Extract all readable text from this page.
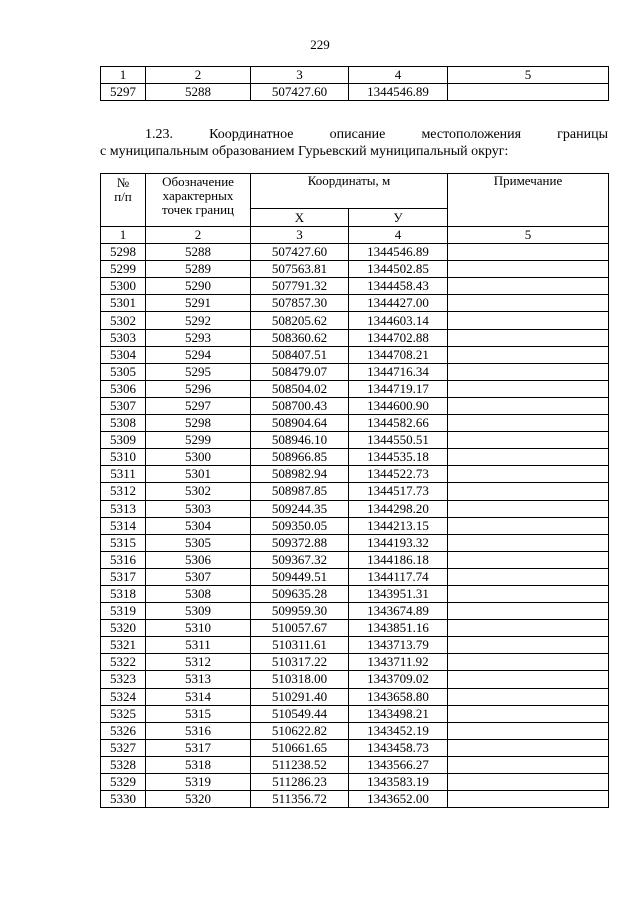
229
1	2	3	4	5
5297	5288	507427.60	1344546.89	
1.23.	Координатное	описание	местоположения	границы
с муниципальным образованием Гурьевский муниципальный округ:
№ п/п	Обозначение характерных точек границ	Координаты, м		Примечание
		X	У	
1	2	3	4	5
5298	5288	507427.60	1344546.89	
5299	5289	507563.81	1344502.85	
5300	5290	507791.32	1344458.43	
5301	5291	507857.30	1344427.00	
5302	5292	508205.62	1344603.14	
5303	5293	508360.62	1344702.88	
5304	5294	508407.51	1344708.21	
5305	5295	508479.07	1344716.34	
5306	5296	508504.02	1344719.17	
5307	5297	508700.43	1344600.90	
5308	5298	508904.64	1344582.66	
5309	5299	508946.10	1344550.51	
5310	5300	508966.85	1344535.18	
5311	5301	508982.94	1344522.73	
5312	5302	508987.85	1344517.73	
5313	5303	509244.35	1344298.20	
5314	5304	509350.05	1344213.15	
5315	5305	509372.88	1344193.32	
5316	5306	509367.32	1344186.18	
5317	5307	509449.51	1344117.74	
5318	5308	509635.28	1343951.31	
5319	5309	509959.30	1343674.89	
5320	5310	510057.67	1343851.16	
5321	5311	510311.61	1343713.79	
5322	5312	510317.22	1343711.92	
5323	5313	510318.00	1343709.02	
5324	5314	510291.40	1343658.80	
5325	5315	510549.44	1343498.21	
5326	5316	510622.82	1343452.19	
5327	5317	510661.65	1343458.73	
5328	5318	511238.52	1343566.27	
5329	5319	511286.23	1343583.19	
5330	5320	511356.72	1343652.00	
